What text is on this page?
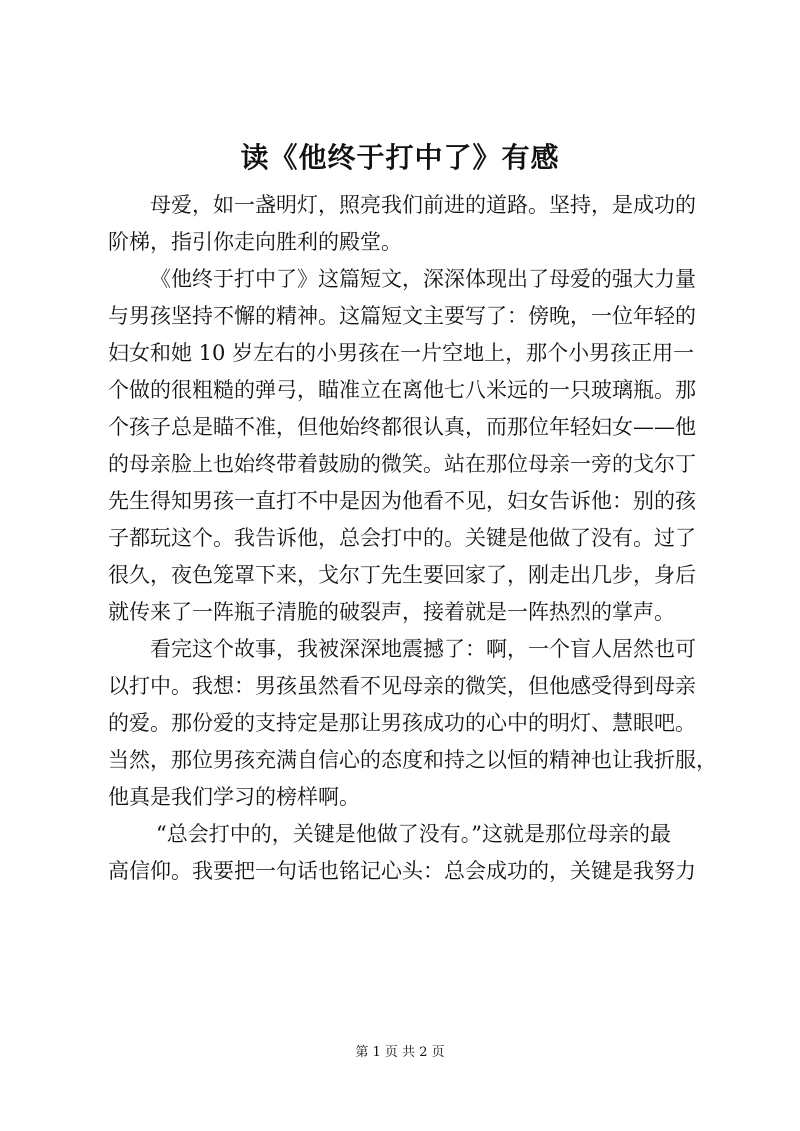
读《他终于打中了》有感
母爱，如一盏明灯，照亮我们前进的道路。坚持，是成功的
阶梯，指引你走向胜利的殿堂。
《他终于打中了》这篇短文，深深体现出了母爱的强大力量
与男孩坚持不懈的精神。这篇短文主要写了：傍晚，一位年轻的
妇女和她 10 岁左右的小男孩在一片空地上，那个小男孩正用一
个做的很粗糙的弹弓，瞄准立在离他七八米远的一只玻璃瓶。那
个孩子总是瞄不准，但他始终都很认真，而那位年轻妇女——他
的母亲脸上也始终带着鼓励的微笑。站在那位母亲一旁的戈尔丁
先生得知男孩一直打不中是因为他看不见，妇女告诉他：别的孩
子都玩这个。我告诉他，总会打中的。关键是他做了没有。过了
很久，夜色笼罩下来，戈尔丁先生要回家了，刚走出几步，身后
就传来了一阵瓶子清脆的破裂声，接着就是一阵热烈的掌声。
看完这个故事，我被深深地震撼了：啊，一个盲人居然也可
以打中。我想：男孩虽然看不见母亲的微笑，但他感受得到母亲
的爱。那份爱的支持定是那让男孩成功的心中的明灯、慧眼吧。
当然，那位男孩充满自信心的态度和持之以恒的精神也让我折服，
他真是我们学习的榜样啊。
“总会打中的，关键是他做了没有。”这就是那位母亲的最
高信仰。我要把一句话也铭记心头：总会成功的，关键是我努力
第 1 页 共 2 页
